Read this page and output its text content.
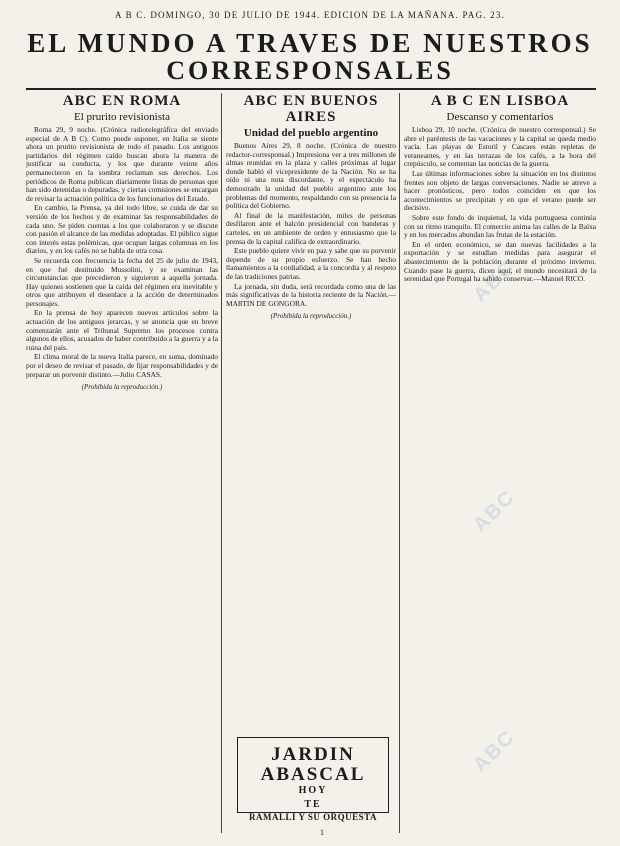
A B C. DOMINGO, 30 DE JULIO DE 1944. EDICION DE LA MAÑANA. PAG. 23.
EL MUNDO A TRAVES DE NUESTROS
CORRESPONSALES
ABC EN ROMA
El prurito revisionista

Roma 29, 9 noche. (Crónica radiotelegráfica del enviado especial de A B C). Como puede suponer, en Italia se siente ahora un prurito revisionista de todo el pasado. Los antiguos partidarios del régimen caído buscan ahora la manera de justificar su conducta, y los que durante veinte años permanecieron en la sombra reclaman sus derechos. Los periódicos de Roma publican diariamente listas de personas que han sido detenidas o depuradas, y ciertas comisiones se encargan de revisar la actuación política de los funcionarios del Estado.

En cambio, la Prensa, ya del todo libre, se cuida de dar su versión de los hechos y de examinar las responsabilidades de cada uno. Se piden cuentas a los que colaboraron y se discute con pasión el alcance de las medidas adoptadas. El público sigue con interés estas polémicas, que ocupan largas columnas en los diarios, y en los cafés no se habla de otra cosa.

Se recuerda con frecuencia la fecha del 25 de julio de 1943, en que fué destituido Mussolini, y se examinan las circunstancias que precedieron y siguieron a aquella jornada. Hay quienes sostienen que la caída del régimen era inevitable y otros que atribuyen el desenlace a la acción de determinados personajes.

En la prensa de hoy aparecen nuevos artículos sobre la actuación de los antiguos jerarcas, y se anuncia que en breve comenzarán ante el Tribunal Supremo los procesos contra algunos de ellos, acusados de haber contribuido a la guerra y a la ruina del país.

El clima moral de la nueva Italia parece, en suma, dominado por el deseo de revisar el pasado, de fijar responsabilidades y de preparar un porvenir distinto.—Julio CASAS.

(Prohibida la reproducción.)
ABC EN BUENOS AIRES
Unidad del pueblo argentino

Buenos Aires 29, 8 noche. (Crónica de nuestro redactor-corresponsal.) Impresiona ver a tres millones de almas reunidas en la plaza y calles próximas al lugar donde habló el vicepresidente de la Nación. No se ha oído ni una nota discordante, y el espectáculo ha demostrado la unidad del pueblo argentino ante los problemas del momento, respaldando con su presencia la política del Gobierno.

Al final de la manifestación, miles de personas desfilaron ante el balcón presidencial con banderas y carteles, en un ambiente de orden y entusiasmo que la prensa de la capital califica de extraordinario.

Este pueblo quiere vivir en paz y sabe que su porvenir depende de su propio esfuerzo. Se han hecho llamamientos a la cordialidad, a la concordia y al respeto de las tradiciones patrias.

La jornada, sin duda, será recordada como una de las más significativas de la historia reciente de la Nación.—MARTIN DE GONGORA.

(Prohibida la reproducción.)
A B C EN LISBOA
Descanso y comentarios

Lisboa 29, 10 noche. (Crónica de nuestro corresponsal.) Se abre el paréntesis de las vacaciones y la capital se queda medio vacía. Las playas de Estoril y Cascaes están repletas de veraneantes, y en las terrazas de los cafés, a la hora del crepúsculo, se comentan las noticias de la guerra.

Las últimas informaciones sobre la situación en los distintos frentes son objeto de largas conversaciones. Nadie se atreve a hacer pronósticos, pero todos coinciden en que los acontecimientos se precipitan y en que el verano puede ser decisivo.

Sobre este fondo de inquietud, la vida portuguesa continúa con su ritmo tranquilo. El comercio anima las calles de la Baixa y en los mercados abundan las frutas de la estación.

En el orden económico, se dan nuevas facilidades a la exportación y se estudian medidas para asegurar el abastecimiento de la población durante el próximo invierno. Cuando pase la guerra, dicen aquí, el mundo necesitará de la serenidad que Portugal ha sabido conservar.—Manuel RICO.

JARDIN ABASCAL
HOY
TE
RAMALLI Y SU ORQUESTA
1
ABC
ABC
ABC
